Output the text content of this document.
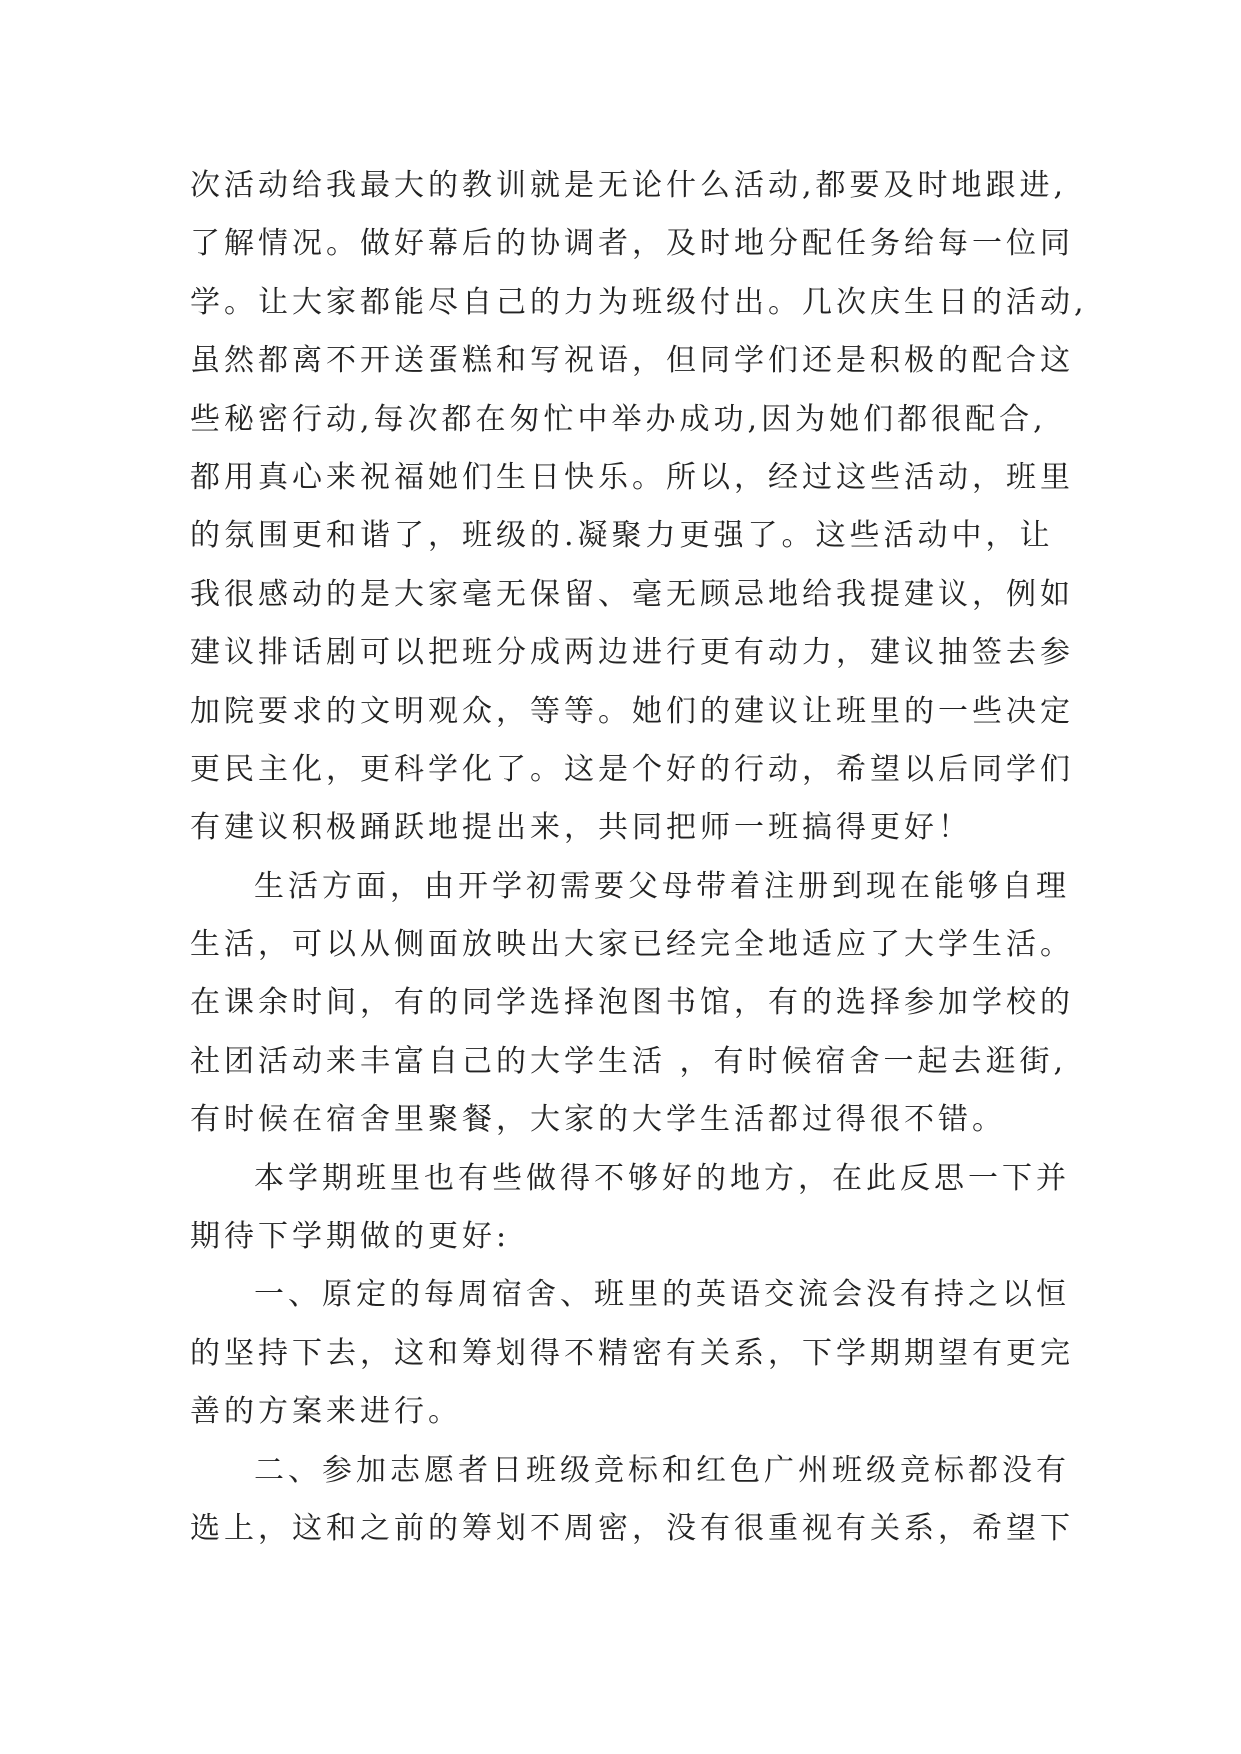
次活动给我最大的教训就是无论什么活动,都要及时地跟进,
了解情况。做好幕后的协调者，及时地分配任务给每一位同
学。让大家都能尽自己的力为班级付出。几次庆生日的活动,
虽然都离不开送蛋糕和写祝语，但同学们还是积极的配合这
些秘密行动,每次都在匆忙中举办成功,因为她们都很配合,
都用真心来祝福她们生日快乐。所以，经过这些活动，班里
的氛围更和谐了，班级的.凝聚力更强了。这些活动中，让
我很感动的是大家毫无保留、毫无顾忌地给我提建议，例如
建议排话剧可以把班分成两边进行更有动力，建议抽签去参
加院要求的文明观众，等等。她们的建议让班里的一些决定
更民主化，更科学化了。这是个好的行动，希望以后同学们
有建议积极踊跃地提出来，共同把师一班搞得更好！
生活方面，由开学初需要父母带着注册到现在能够自理
生活，可以从侧面放映出大家已经完全地适应了大学生活。
在课余时间，有的同学选择泡图书馆，有的选择参加学校的
社团活动来丰富自己的大学生活 ，有时候宿舍一起去逛街,
有时候在宿舍里聚餐，大家的大学生活都过得很不错。
本学期班里也有些做得不够好的地方，在此反思一下并
期待下学期做的更好:
一、原定的每周宿舍、班里的英语交流会没有持之以恒
的坚持下去，这和筹划得不精密有关系，下学期期望有更完
善的方案来进行。
二、参加志愿者日班级竞标和红色广州班级竞标都没有
选上，这和之前的筹划不周密，没有很重视有关系，希望下
